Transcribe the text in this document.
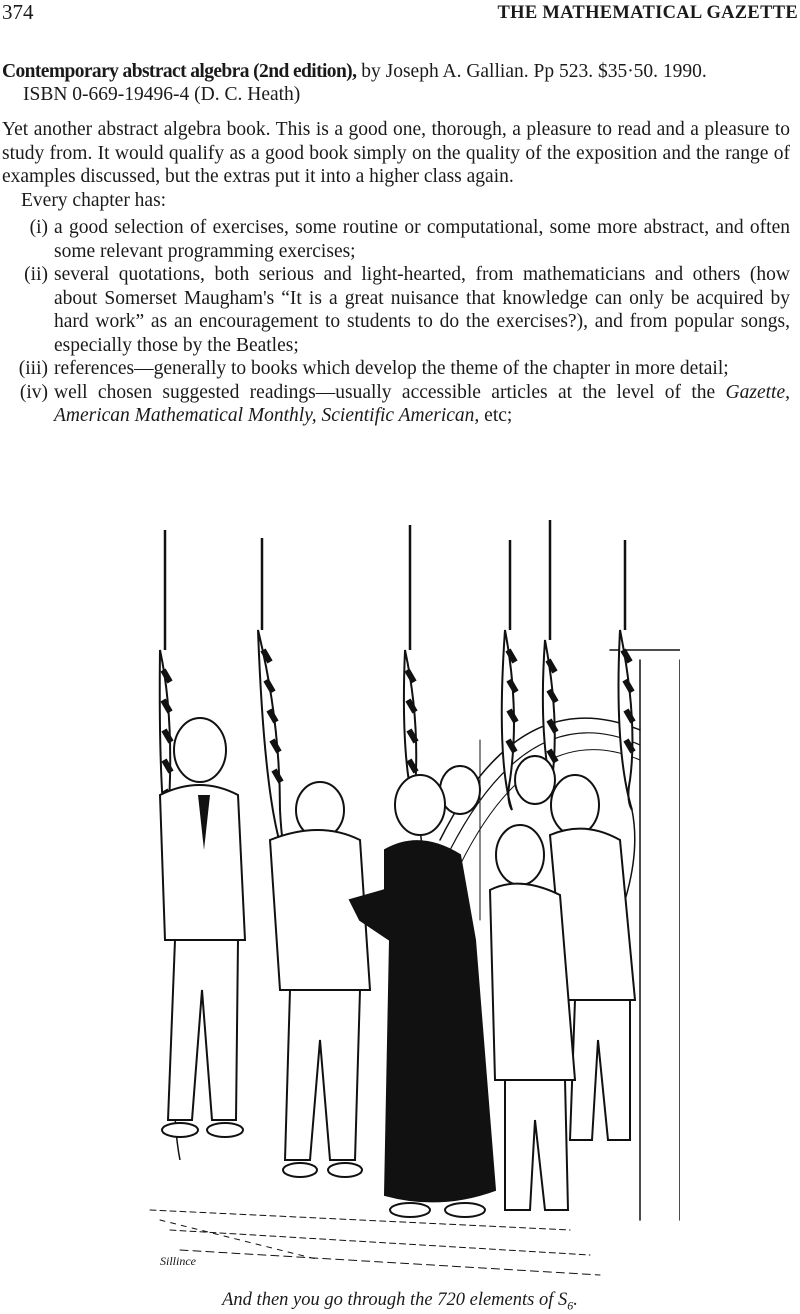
374	THE MATHEMATICAL GAZETTE
Contemporary abstract algebra (2nd edition), by Joseph A. Gallian. Pp 523. $35·50. 1990.
ISBN 0-669-19496-4 (D. C. Heath)

Yet another abstract algebra book. This is a good one, thorough, a pleasure to read and a pleasure to study from. It would qualify as a good book simply on the quality of the exposition and the range of examples discussed, but the extras put it into a higher class again.

Every chapter has:

(i) a good selection of exercises, some routine or computational, some more abstract, and often some relevant programming exercises;
(ii) several quotations, both serious and light-hearted, from mathematicians and others (how about Somerset Maugham's “It is a great nuisance that knowledge can only be acquired by hard work” as an encouragement to students to do the exercises?), and from popular songs, especially those by the Beatles;
(iii) references—generally to books which develop the theme of the chapter in more detail;
(iv) well chosen suggested readings—usually accessible articles at the level of the Gazette, American Mathematical Monthly, Scientific American, etc;
Sillince
And then you go through the 720 elements of $S_6$.
